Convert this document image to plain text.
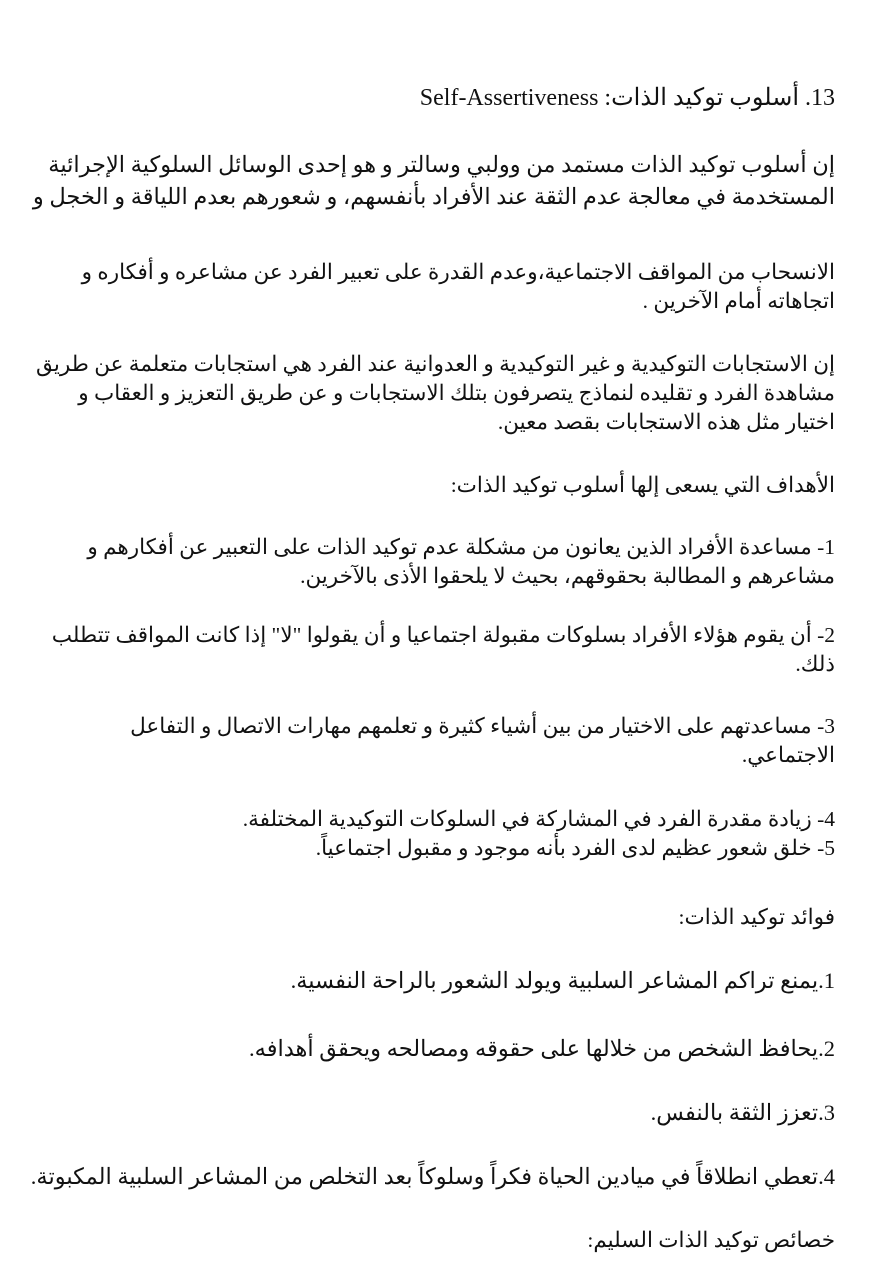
13. أسلوب توكيد الذات: Self-Assertiveness
إن أسلوب توكيد الذات مستمد من وولبي وسالتر و هو إحدى الوسائل السلوكية الإجرائية
المستخدمة في معالجة عدم الثقة عند الأفراد بأنفسهم، و شعورهم بعدم اللياقة و الخجل و
الانسحاب من المواقف الاجتماعية،وعدم القدرة على تعبير الفرد عن مشاعره و أفكاره و
اتجاهاته أمام الآخرين .
إن الاستجابات التوكيدية و غير التوكيدية و العدوانية عند الفرد هي استجابات متعلمة عن طريق
مشاهدة الفرد و تقليده لنماذج يتصرفون بتلك الاستجابات و عن طريق التعزيز و العقاب و
اختيار مثل هذه الاستجابات بقصد معين.
الأهداف التي يسعى إلها أسلوب توكيد الذات:
1- مساعدة الأفراد الذين يعانون من مشكلة عدم توكيد الذات على التعبير عن أفكارهم و
مشاعرهم و المطالبة بحقوقهم، بحيث لا يلحقوا الأذى بالآخرين.
2- أن يقوم هؤلاء الأفراد بسلوكات مقبولة اجتماعيا و أن يقولوا "لا" إذا كانت المواقف تتطلب
ذلك.
3- مساعدتهم على الاختيار من بين أشياء كثيرة و تعلمهم مهارات الاتصال و التفاعل
الاجتماعي.
4- زيادة مقدرة الفرد في المشاركة في السلوكات التوكيدية المختلفة.
5- خلق شعور عظيم لدى الفرد بأنه موجود و مقبول اجتماعياً.
فوائد توكيد الذات:
1.يمنع تراكم المشاعر السلبية ويولد الشعور بالراحة النفسية.
2.يحافظ الشخص من خلالها على حقوقه ومصالحه ويحقق أهدافه.
3.تعزز الثقة بالنفس.
4.تعطي انطلاقاً في ميادين الحياة فكراً وسلوكاً بعد التخلص من المشاعر السلبية المكبوتة.
خصائص توكيد الذات السليم:
